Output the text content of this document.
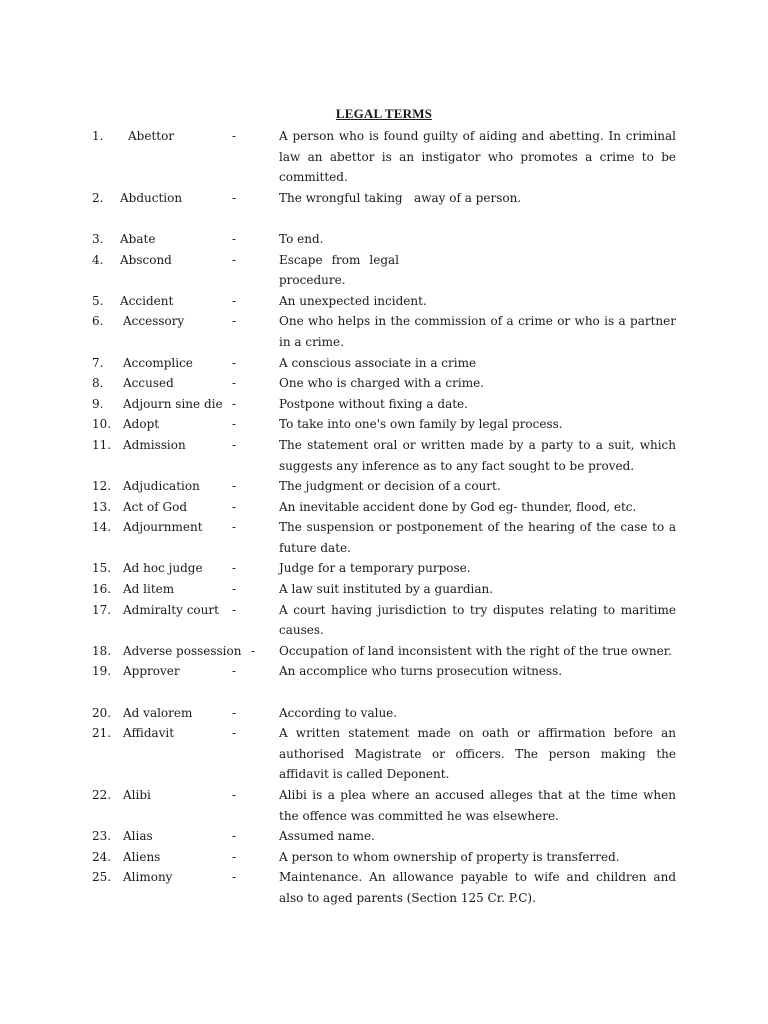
LEGAL TERMS
1.	Abettor	-	A person who is found guilty of aiding and abetting. In criminal law an abettor is an instigator who promotes a crime to be committed.
2.	Abduction	-	The wrongful taking   away of a person.
3.	Abate	-	To end.
4.	Abscond	-	Escape from legal procedure.
5.	Accident	-	An unexpected incident.
6.	Accessory	-	One who helps in the commission of a crime or who is a partner in a crime.
7.	Accomplice	-	A conscious associate in a crime
8.	Accused	-	One who is charged with a crime.
9.	Adjourn sine die -	Postpone without fixing a date.
10. Adopt	-	To take into one's own family by legal process.
11. Admission	-	The statement oral or written made by a party to a suit, which suggests any inference as to any fact sought to be proved.
12. Adjudication	-	The judgment or decision of a court.
13. Act of God	-	An inevitable accident done by God eg- thunder, flood, etc.
14. Adjournment	-	The suspension or postponement of the hearing of the case to a future date.
15. Ad hoc judge	-	Judge for a temporary purpose.
16. Ad litem	-	A law suit instituted by a guardian.
17. Admiralty court	-	A court having jurisdiction to try disputes relating to maritime causes.
18. Adverse possession -	Occupation of land inconsistent with the right of the true owner.
19. Approver	-	An accomplice who turns prosecution witness.
20. Ad valorem	-	According to value.
21. Affidavit	-	A written statement made on oath or affirmation before an authorised Magistrate or officers. The person making the affidavit is called Deponent.
22. Alibi	-	Alibi is a plea where an accused alleges that at the time when the offence was committed he was elsewhere.
23. Alias	-	Assumed name.
24. Aliens	-	A person to whom ownership of property is transferred.
25. Alimony	-	Maintenance. An allowance payable to wife and children and also to aged parents (Section 125 Cr. P.C).
